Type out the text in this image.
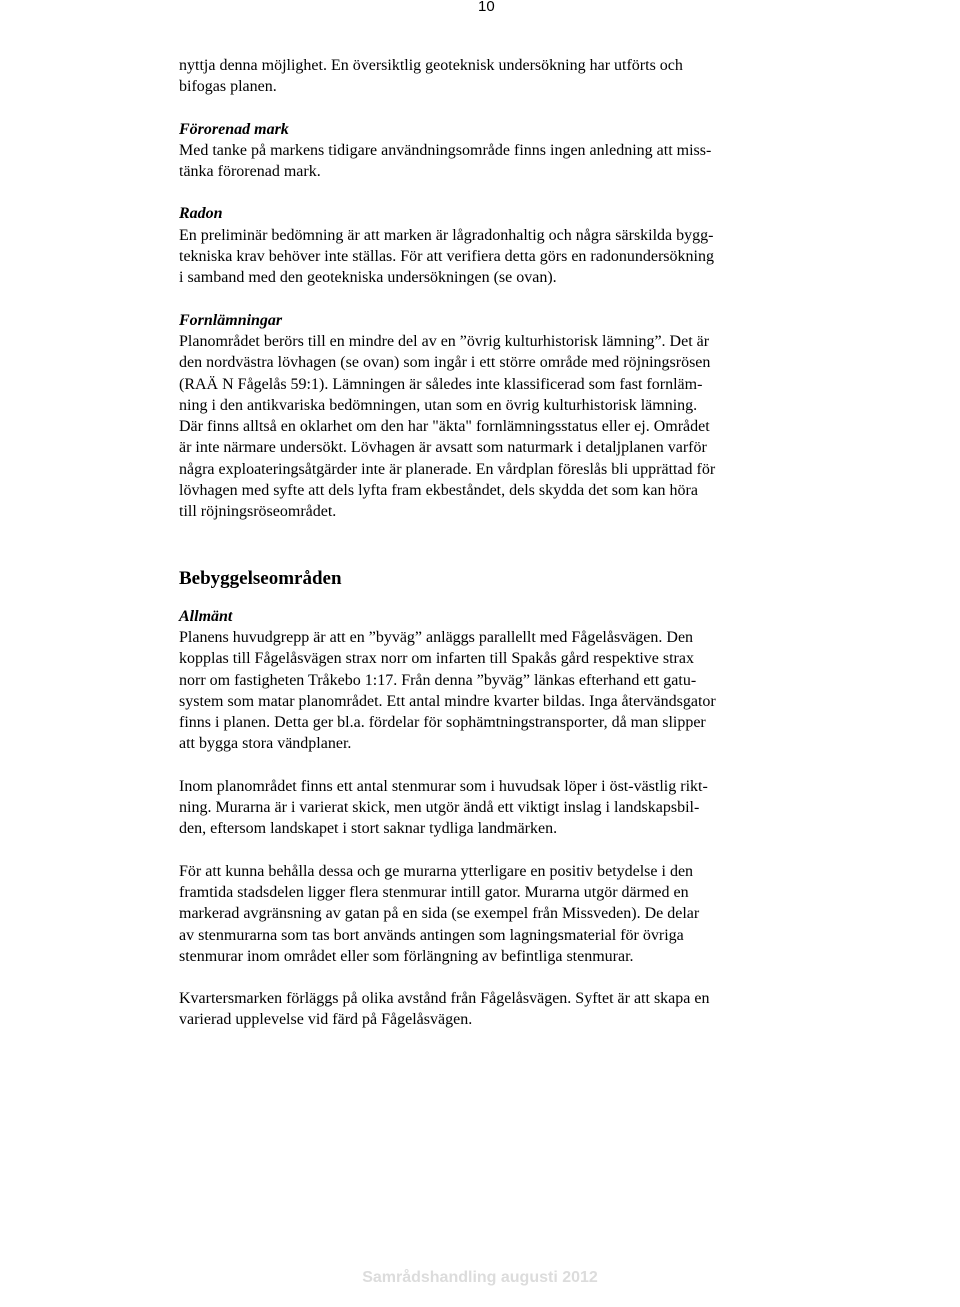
10

nyttja denna möjlighet. En översiktlig geoteknisk undersökning har utförts och
bifogas planen.

Förorenad mark

Med tanke på markens tidigare användningsområde finns ingen anledning att miss-
tänka förorenad mark.

Radon

En preliminär bedömning är att marken är lågradonhaltig och några särskilda bygg-
tekniska krav behöver inte ställas. För att verifiera detta görs en radonundersökning
i samband med den geotekniska undersökningen (se ovan).

Fornlämningar

Planområdet berörs till en mindre del av en ”övrig kulturhistorisk lämning”. Det är
den nordvästra lövhagen (se ovan) som ingår i ett större område med röjningsrösen
(RAÄ N Fågelås 59:1). Lämningen är således inte klassificerad som fast fornläm-
ning i den antikvariska bedömningen, utan som en övrig kulturhistorisk lämning.
Där finns alltså en oklarhet om den har "äkta" fornlämningsstatus eller ej. Området
är inte närmare undersökt. Lövhagen är avsatt som naturmark i detaljplanen varför
några exploateringsåtgärder inte är planerade. En vårdplan föreslås bli upprättad för
lövhagen med syfte att dels lyfta fram ekbeståndet, dels skydda det som kan höra
till röjningsröseområdet.

Bebyggelseområden

Allmänt

Planens huvudgrepp är att en ”byväg” anläggs parallellt med Fågelåsvägen. Den
kopplas till Fågelåsvägen strax norr om infarten till Spakås gård respektive strax
norr om fastigheten Tråkebo 1:17. Från denna ”byväg” länkas efterhand ett gatu-
system som matar planområdet. Ett antal mindre kvarter bildas. Inga återvändsgator
finns i planen. Detta ger bl.a. fördelar för sophämtningstransporter, då man slipper
att bygga stora vändplaner.

Inom planområdet finns ett antal stenmurar som i huvudsak löper i öst-västlig rikt-
ning. Murarna är i varierat skick, men utgör ändå ett viktigt inslag i landskapsbil-
den, eftersom landskapet i stort saknar tydliga landmärken.

För att kunna behålla dessa och ge murarna ytterligare en positiv betydelse i den
framtida stadsdelen ligger flera stenmurar intill gator. Murarna utgör därmed en
markerad avgränsning av gatan på en sida (se exempel från Missveden). De delar
av stenmurarna som tas bort används antingen som lagningsmaterial för övriga
stenmurar inom området eller som förlängning av befintliga stenmurar.

Kvartersmarken förläggs på olika avstånd från Fågelåsvägen. Syftet är att skapa en
varierad upplevelse vid färd på Fågelåsvägen.

Samrådshandling augusti 2012
